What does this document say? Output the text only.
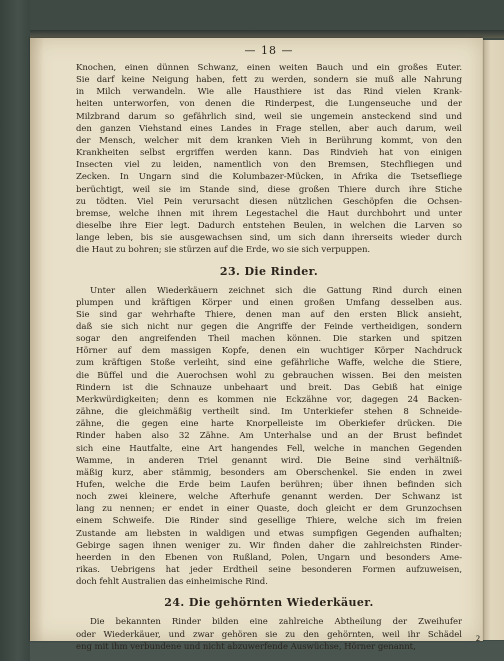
— 18 —
Knochen, einen dünnen Schwanz, einen weiten Bauch und ein großes Euter.
Sie darf keine Neigung haben, fett zu werden, sondern sie muß alle Nahrung
in Milch verwandeln. Wie alle Hausthiere ist das Rind vielen Krank-
heiten unterworfen, von denen die Rinderpest, die Lungenseuche und der
Milzbrand darum so gefährlich sind, weil sie ungemein ansteckend sind und
den ganzen Viehstand eines Landes in Frage stellen, aber auch darum, weil
der Mensch, welcher mit dem kranken Vieh in Berührung kommt, von den
Krankheiten selbst ergriffen werden kann. Das Rindvieh hat von einigen
Insecten viel zu leiden, namentlich von den Bremsen, Stechfliegen und
Zecken. In Ungarn sind die Kolumbazer-Mücken, in Afrika die Tsetsefliege
berüchtigt, weil sie im Stande sind, diese großen Thiere durch ihre Stiche
zu tödten. Viel Pein verursacht diesen nützlichen Geschöpfen die Ochsen-
bremse, welche ihnen mit ihrem Legestachel die Haut durchbohrt und unter
dieselbe ihre Eier legt. Dadurch entstehen Beulen, in welchen die Larven so
lange leben, bis sie ausgewachsen sind, um sich dann ihrerseits wieder durch
die Haut zu bohren; sie stürzen auf die Erde, wo sie sich verpuppen.
23. Die Rinder.
Unter allen Wiederkäuern zeichnet sich die Gattung Rind durch einen
plumpen und kräftigen Körper und einen großen Umfang desselben aus.
Sie sind gar wehrhafte Thiere, denen man auf den ersten Blick ansieht,
daß sie sich nicht nur gegen die Angriffe der Feinde vertheidigen, sondern
sogar den angreifenden Theil machen können. Die starken und spitzen
Hörner auf dem massigen Kopfe, denen ein wuchtiger Körper Nachdruck
zum kräftigen Stoße verleiht, sind eine gefährliche Waffe, welche die Stiere,
die Büffel und die Auerochsen wohl zu gebrauchen wissen. Bei den meisten
Rindern ist die Schnauze unbehaart und breit. Das Gebiß hat einige
Merkwürdigkeiten; denn es kommen nie Eckzähne vor, dagegen 24 Backen-
zähne, die gleichmäßig vertheilt sind. Im Unterkiefer stehen 8 Schneide-
zähne, die gegen eine harte Knorpelleiste im Oberkiefer drücken. Die
Rinder haben also 32 Zähne. Am Unterhalse und an der Brust befindet
sich eine Hautfalte, eine Art hangendes Fell, welche in manchen Gegenden
Wamme, in anderen Triel genannt wird. Die Beine sind verhältniß-
mäßig kurz, aber stämmig, besonders am Oberschenkel. Sie enden in zwei
Hufen, welche die Erde beim Laufen berühren; über ihnen befinden sich
noch zwei kleinere, welche Afterhufe genannt werden. Der Schwanz ist
lang zu nennen; er endet in einer Quaste, doch gleicht er dem Grunzochsen
einem Schweife. Die Rinder sind gesellige Thiere, welche sich im freien
Zustande am liebsten in waldigen und etwas sumpfigen Gegenden aufhalten;
Gebirge sagen ihnen weniger zu. Wir finden daher die zahlreichsten Rinder-
heerden in den Ebenen von Rußland, Polen, Ungarn und besonders Ame-
rikas. Uebrigens hat jeder Erdtheil seine besonderen Formen aufzuweisen,
doch fehlt Australien das einheimische Rind.
24. Die gehörnten Wiederkäuer.
Die bekannten Rinder bilden eine zahlreiche Abtheilung der Zweihufer
oder Wiederkäuer, und zwar gehören sie zu den gehörnten, weil ihr Schädel
eng mit ihm verbundene und nicht abzuwerfende Auswüchse, Hörner genannt,
2
